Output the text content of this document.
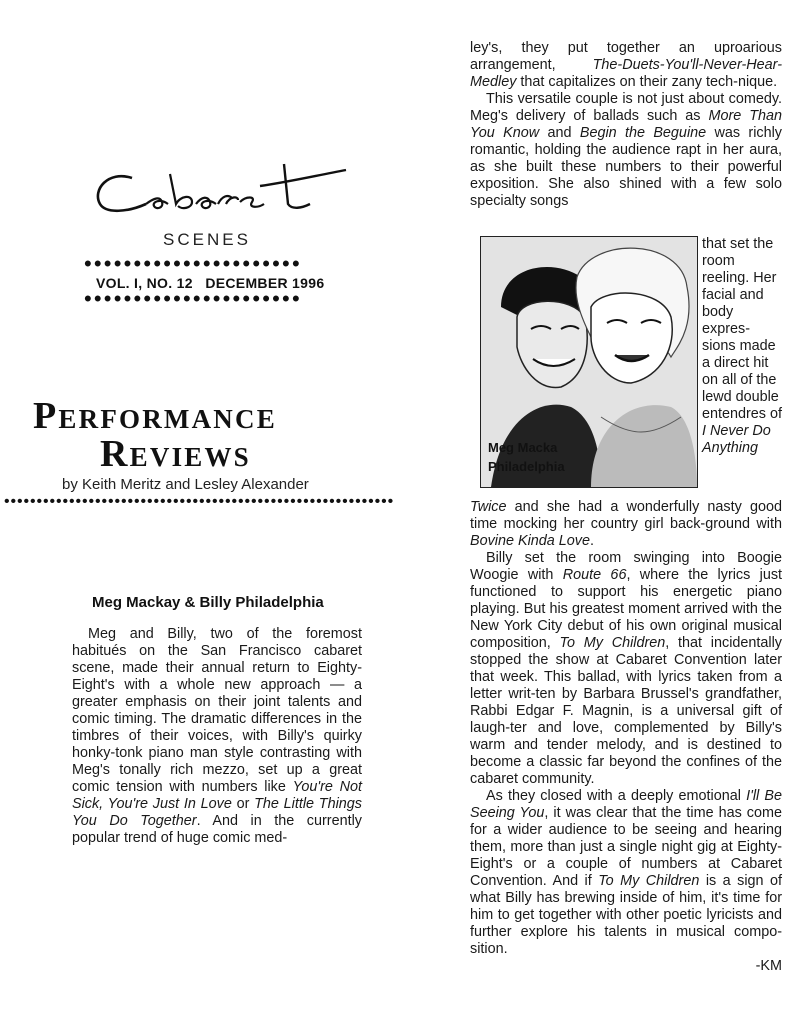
SCENES
••••••••••••••••••••••
VOL. I, NO. 12   DECEMBER 1996
••••••••••••••••••••••
PERFORMANCE
REVIEWS
by Keith Meritz and Lesley Alexander
••••••••••••••••••••••••••••••••••••••••••••••••••••••••••••
Meg Mackay & Billy Philadelphia

Meg and Billy, two of the foremost habitués on the San Francisco cabaret scene, made their annual return to Eighty-Eight's with a whole new approach — a greater emphasis on their joint talents and comic timing. The dramatic differences in the timbres of their voices, with Billy's quirky honky-tonk piano man style contrasting with Meg's tonally rich mezzo, set up a great comic tension with numbers like You're Not Sick, You're Just In Love or The Little Things You Do Together. And in the currently popular trend of huge comic med-

ley's, they put together an uproarious arrangement, The-Duets-You'll-Never-Hear-Medley that capitalizes on their zany tech-nique.

This versatile couple is not just about comedy. Meg's delivery of ballads such as More Than You Know and Begin the Beguine was richly romantic, holding the audience rapt in her aura, as she built these numbers to their powerful exposition. She also shined with a few solo specialty songs

Meg Macka
Philadelphia
that set the room reeling. Her facial and body expres-sions made a direct hit on all of the lewd double entendres of I Never Do Anything

Twice and she had a wonderfully nasty good time mocking her country girl back-ground with Bovine Kinda Love.

Billy set the room swinging into Boogie Woogie with Route 66, where the lyrics just functioned to support his energetic piano playing. But his greatest moment arrived with the New York City debut of his own original musical composition, To My Children, that incidentally stopped the show at Cabaret Convention later that week. This ballad, with lyrics taken from a letter writ-ten by Barbara Brussel's grandfather, Rabbi Edgar F. Magnin, is a universal gift of laugh-ter and love, complemented by Billy's warm and tender melody, and is destined to become a classic far beyond the confines of the cabaret community.

As they closed with a deeply emotional I'll Be Seeing You, it was clear that the time has come for a wider audience to be seeing and hearing them, more than just a single night gig at Eighty-Eight's or a couple of numbers at Cabaret Convention. And if To My Children is a sign of what Billy has brewing inside of him, it's time for him to get together with other poetic lyricists and further explore his talents in musical compo-sition.

-KM
